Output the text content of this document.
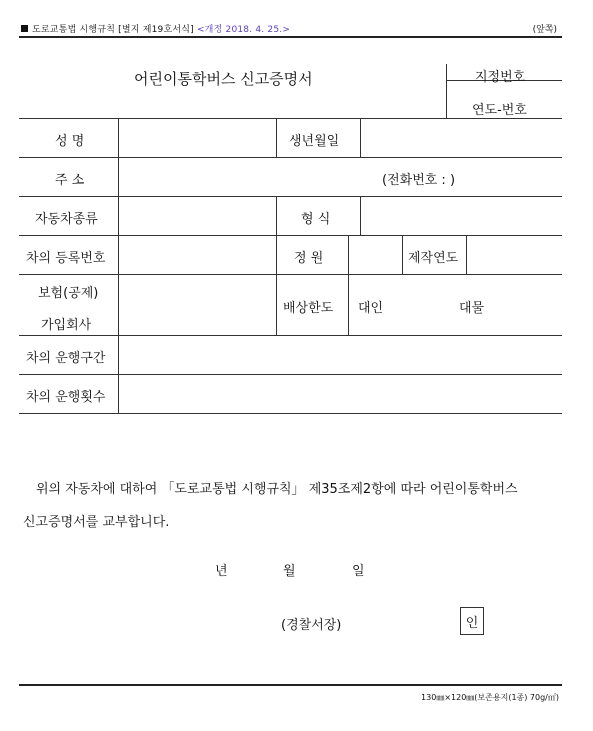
도로교통법 시행규칙 [별지 제19호서식] <개정 2018. 4. 25.>	(앞쪽)
어린이통학버스 신고증명서	지정번호
연도-번호
성 명	생년월일
주 소	(전화번호 : )
자동차종류	형 식
차의 등록번호	정 원	제작연도
보험(공제)
가입회사
배상한도 대인	대물
차의 운행구간
차의 운행횟수
위의 자동차에 대하여 「도로교통법 시행규칙」 제35조제2항에 따라 어린이통학버스
신고증명서를 교부합니다.
년	월	일
(경찰서장)	인
130㎜×120㎜(보존용지(1종) 70g/㎡)
